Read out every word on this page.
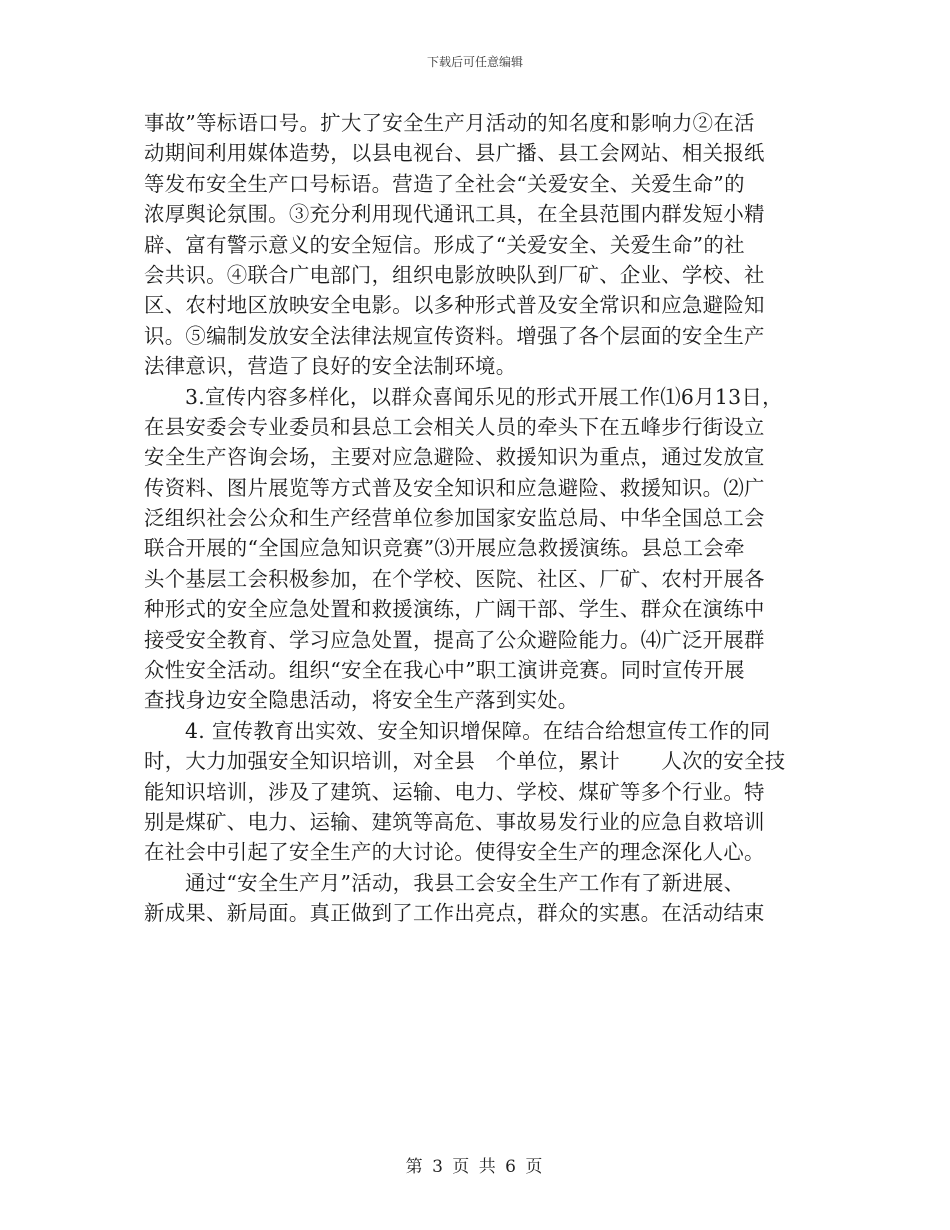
下载后可任意编辑
事故”等标语口号。扩大了安全生产月活动的知名度和影响力②在活
动期间利用媒体造势，以县电视台、县广播、县工会网站、相关报纸
等发布安全生产口号标语。营造了全社会“关爱安全、关爱生命”的
浓厚舆论氛围。③充分利用现代通讯工具，在全县范围内群发短小精
辟、富有警示意义的安全短信。形成了“关爱安全、关爱生命”的社
会共识。④联合广电部门，组织电影放映队到厂矿、企业、学校、社
区、农村地区放映安全电影。以多种形式普及安全常识和应急避险知
识。⑤编制发放安全法律法规宣传资料。增强了各个层面的安全生产
法律意识，营造了良好的安全法制环境。
3.宣传内容多样化，以群众喜闻乐见的形式开展工作⑴6月13日，
在县安委会专业委员和县总工会相关人员的牵头下在五峰步行街设立
安全生产咨询会场，主要对应急避险、救援知识为重点，通过发放宣
传资料、图片展览等方式普及安全知识和应急避险、救援知识。⑵广
泛组织社会公众和生产经营单位参加国家安监总局、中华全国总工会
联合开展的“全国应急知识竞赛”⑶开展应急救援演练。县总工会牵
头个基层工会积极参加，在个学校、医院、社区、厂矿、农村开展各
种形式的安全应急处置和救援演练，广阔干部、学生、群众在演练中
接受安全教育、学习应急处置，提高了公众避险能力。⑷广泛开展群
众性安全活动。组织“安全在我心中”职工演讲竞赛。同时宣传开展
查找身边安全隐患活动，将安全生产落到实处。
4. 宣传教育出实效、安全知识增保障。在结合给想宣传工作的同
时，大力加强安全知识培训，对全县　个单位，累计　　人次的安全技
能知识培训，涉及了建筑、运输、电力、学校、煤矿等多个行业。特
别是煤矿、电力、运输、建筑等高危、事故易发行业的应急自救培训
在社会中引起了安全生产的大讨论。使得安全生产的理念深化人心。
通过“安全生产月”活动，我县工会安全生产工作有了新进展、
新成果、新局面。真正做到了工作出亮点，群众的实惠。在活动结束
第 3 页 共 6 页
